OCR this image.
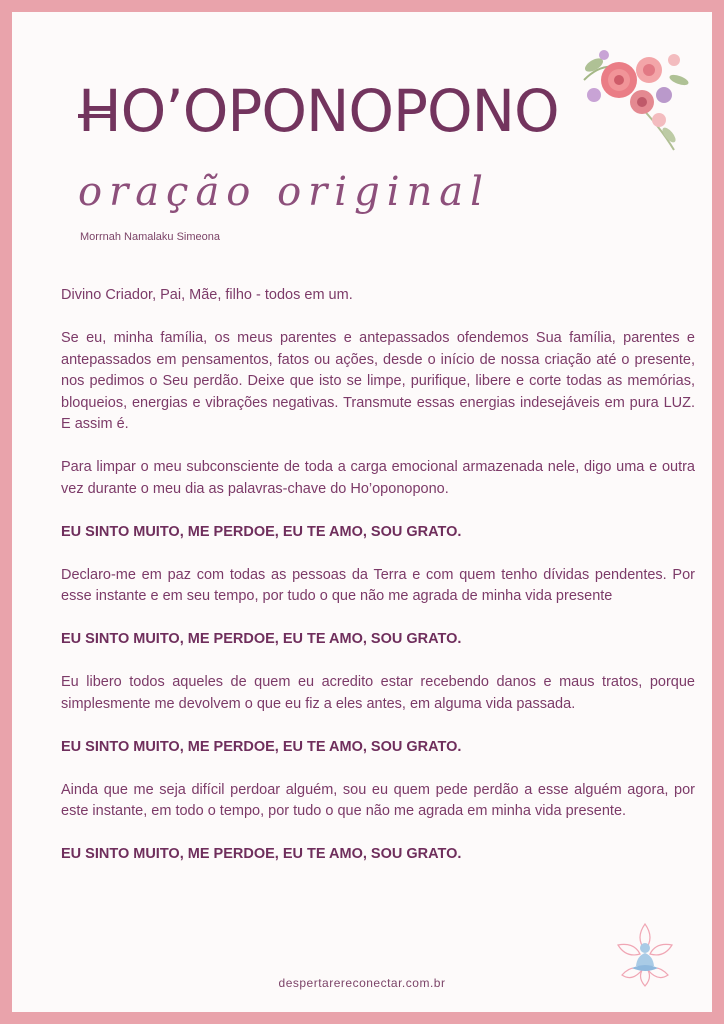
HO’OPONOPONO
oração original
Morrnah Namalaku Simeona

Divino Criador, Pai, Mãe, filho - todos em um.

Se eu, minha família, os meus parentes e antepassados ofendemos Sua família, parentes e antepassados em pensamentos, fatos ou ações, desde o início de nossa criação até o presente, nos pedimos o Seu perdão. Deixe que isto se limpe, purifique, libere e corte todas as memórias, bloqueios, energias e vibrações negativas. Transmute essas energias indesejáveis em pura LUZ. E assim é.

Para limpar o meu subconsciente de toda a carga emocional armazenada nele, digo uma e outra vez durante o meu dia as palavras-chave do Ho’oponopono.

EU SINTO MUITO, ME PERDOE, EU TE AMO, SOU GRATO.

Declaro-me em paz com todas as pessoas da Terra e com quem tenho dívidas pendentes. Por esse instante e em seu tempo, por tudo o que não me agrada de minha vida presente

EU SINTO MUITO, ME PERDOE, EU TE AMO, SOU GRATO.

Eu libero todos aqueles de quem eu acredito estar recebendo danos e maus tratos, porque simplesmente me devolvem o que eu fiz a eles antes, em alguma vida passada.

EU SINTO MUITO, ME PERDOE, EU TE AMO, SOU GRATO.

Ainda que me seja difícil perdoar alguém, sou eu quem pede perdão a esse alguém agora, por este instante, em todo o tempo, por tudo o que não me agrada em minha vida presente.

EU SINTO MUITO, ME PERDOE, EU TE AMO, SOU GRATO.

despertarereconectar.com.br
